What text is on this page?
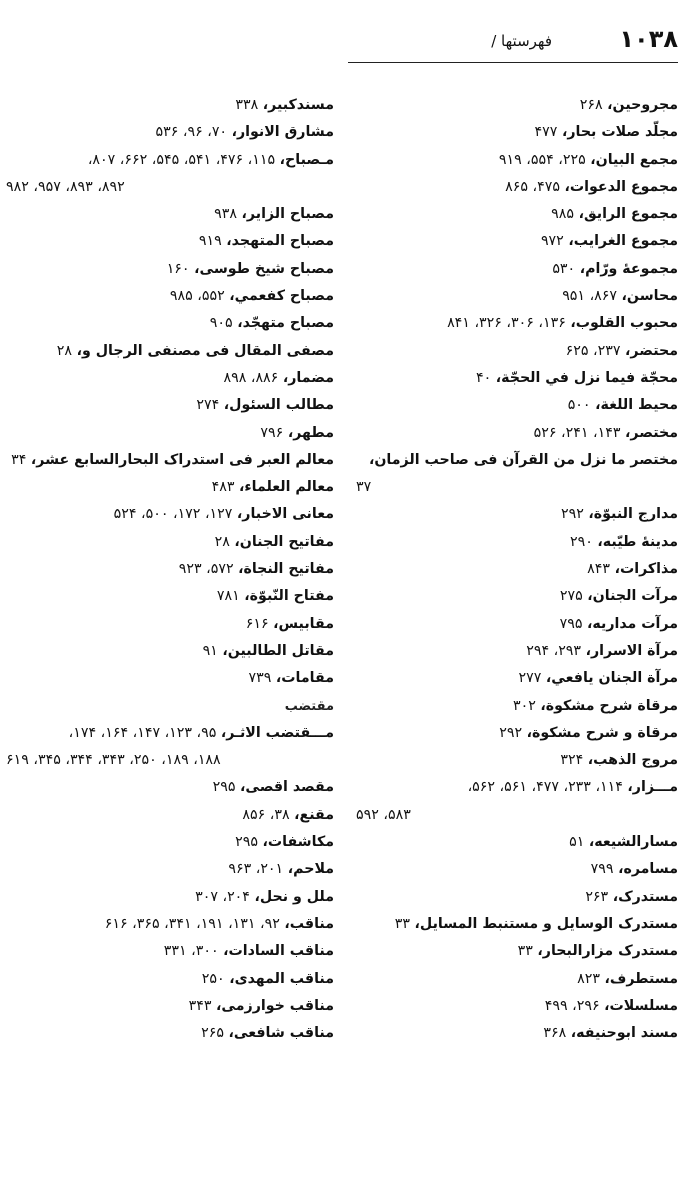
۱۰۳۸
فهرستها /
مجروحين، ۲۶۸
مجلّد صلات بحار، ۴۷۷
مجمع البيان، ۲۲۵، ۵۵۴، ۹۱۹
مجموع الدعوات، ۴۷۵، ۸۶۵
مجموع الرايق، ۹۸۵
مجموع الغرايب، ۹۷۲
مجموعهٔ ورّام، ۵۳۰
محاسن، ۸۶۷، ۹۵۱
محبوب القلوب، ۱۳۶، ۳۰۶، ۳۲۶، ۸۴۱
محتضر، ۲۳۷، ۶۲۵
محجّة فيما نزل في الحجّة، ۴۰
محيط اللغة، ۵۰۰
مختصر، ۱۴۳، ۲۴۱، ۵۲۶
مختصر ما نزل من القرآن فى صاحب الزمان،
۳۷
مدارج النبوّة، ۲۹۲
مدينهٔ طيّبه، ۲۹۰
مذاكرات، ۸۴۳
مرآت الجنان، ۲۷۵
مرآت مداريه، ۷۹۵
مرآة الاسرار، ۲۹۳، ۲۹۴
مرآة الجنان يافعي، ۲۷۷
مرقاة شرح مشكوة، ۳۰۲
مرقاة و شرح مشكوة، ۲۹۲
مروج الذهب، ۳۲۴
مـــزار، ۱۱۴، ۲۳۳، ۴۷۷، ۵۶۱، ۵۶۲،
۵۸۳، ۵۹۲
مسارالشيعه، ۵۱
مسامره، ۷۹۹
مستدرک، ۲۶۳
مستدرک الوسايل و مستنبط المسايل، ۳۳
مستدرک مزارالبحار، ۳۳
مستطرف، ۸۲۳
مسلسلات، ۲۹۶، ۴۹۹
مسند ابوحنيفه، ۳۶۸
مسندكبير، ۳۳۸
مشارق الانوار، ۷۰، ۹۶، ۵۳۶
مـصباح، ۱۱۵، ۴۷۶، ۵۴۱، ۵۴۵، ۶۶۲، ۸۰۷،
۸۹۲، ۸۹۳، ۹۵۷، ۹۸۲
مصباح الزاير، ۹۳۸
مصباح المتهجد، ۹۱۹
مصباح شيخ طوسى، ۱۶۰
مصباح كفعمي، ۵۵۲، ۹۸۵
مصباح متهجّد، ۹۰۵
مصفى المقال فى مصنفى الرجال و، ۲۸
مضمار، ۸۸۶، ۸۹۸
مطالب السئول، ۲۷۴
مطهر، ۷۹۶
معالم العبر فى استدراک البحارالسابع عشر، ۳۴
معالم العلماء، ۴۸۳
معانى الاخبار، ۱۲۷، ۱۷۲، ۵۰۰، ۵۲۴
مفاتيح الجنان، ۲۸
مفاتيح النجاة، ۵۷۲، ۹۲۳
مفتاح النّبوّة، ۷۸۱
مقابيس، ۶۱۶
مقاتل الطالبين، ۹۱
مقامات، ۷۳۹
مقتضب
مـــقتضب الاثـر، ۹۵، ۱۲۳، ۱۴۷، ۱۶۴، ۱۷۴،
۱۸۸، ۱۸۹، ۲۵۰، ۳۴۳، ۳۴۴، ۳۴۵، ۶۱۹
مقصد اقصى، ۲۹۵
مقنع، ۳۸، ۸۵۶
مكاشفات، ۲۹۵
ملاحم، ۲۰۱، ۹۶۳
ملل و نحل، ۲۰۴، ۳۰۷
مناقب، ۹۲، ۱۳۱، ۱۹۱، ۳۴۱، ۳۶۵، ۶۱۶
مناقب السادات، ۳۰۰، ۳۳۱
مناقب المهدى، ۲۵۰
مناقب خوارزمى، ۳۴۳
مناقب شافعى، ۲۶۵
